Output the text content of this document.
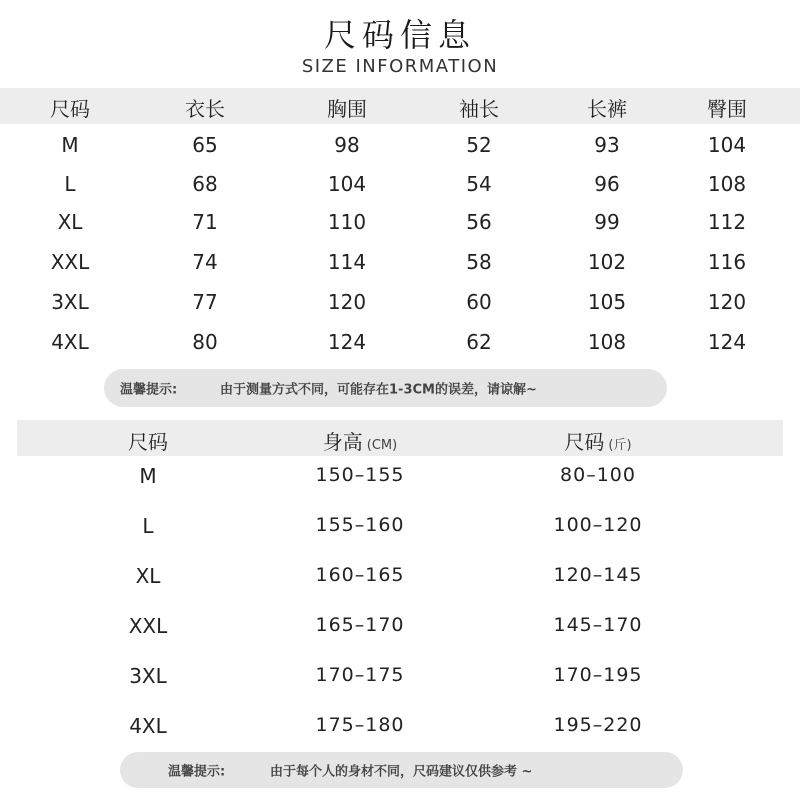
尺码信息
SIZE INFORMATION
尺码	衣长	胸围	袖长	长裤	臀围
M	65	98	52	93	104
L	68	104	54	96	108
XL	71	110	56	99	112
XXL	74	114	58	102	116
3XL	77	120	60	105	120
4XL	80	124	62	108	124
温馨提示:	由于测量方式不同，可能存在1-3CM的误差，请谅解~
尺码	身高 (CM)	尺码 (斤)
M	150–155	80–100
L	155–160	100–120
XL	160–165	120–145
XXL	165–170	145–170
3XL	170–175	170–195
4XL	175–180	195–220
温馨提示:	由于每个人的身材不同，尺码建议仅供参考 ~
